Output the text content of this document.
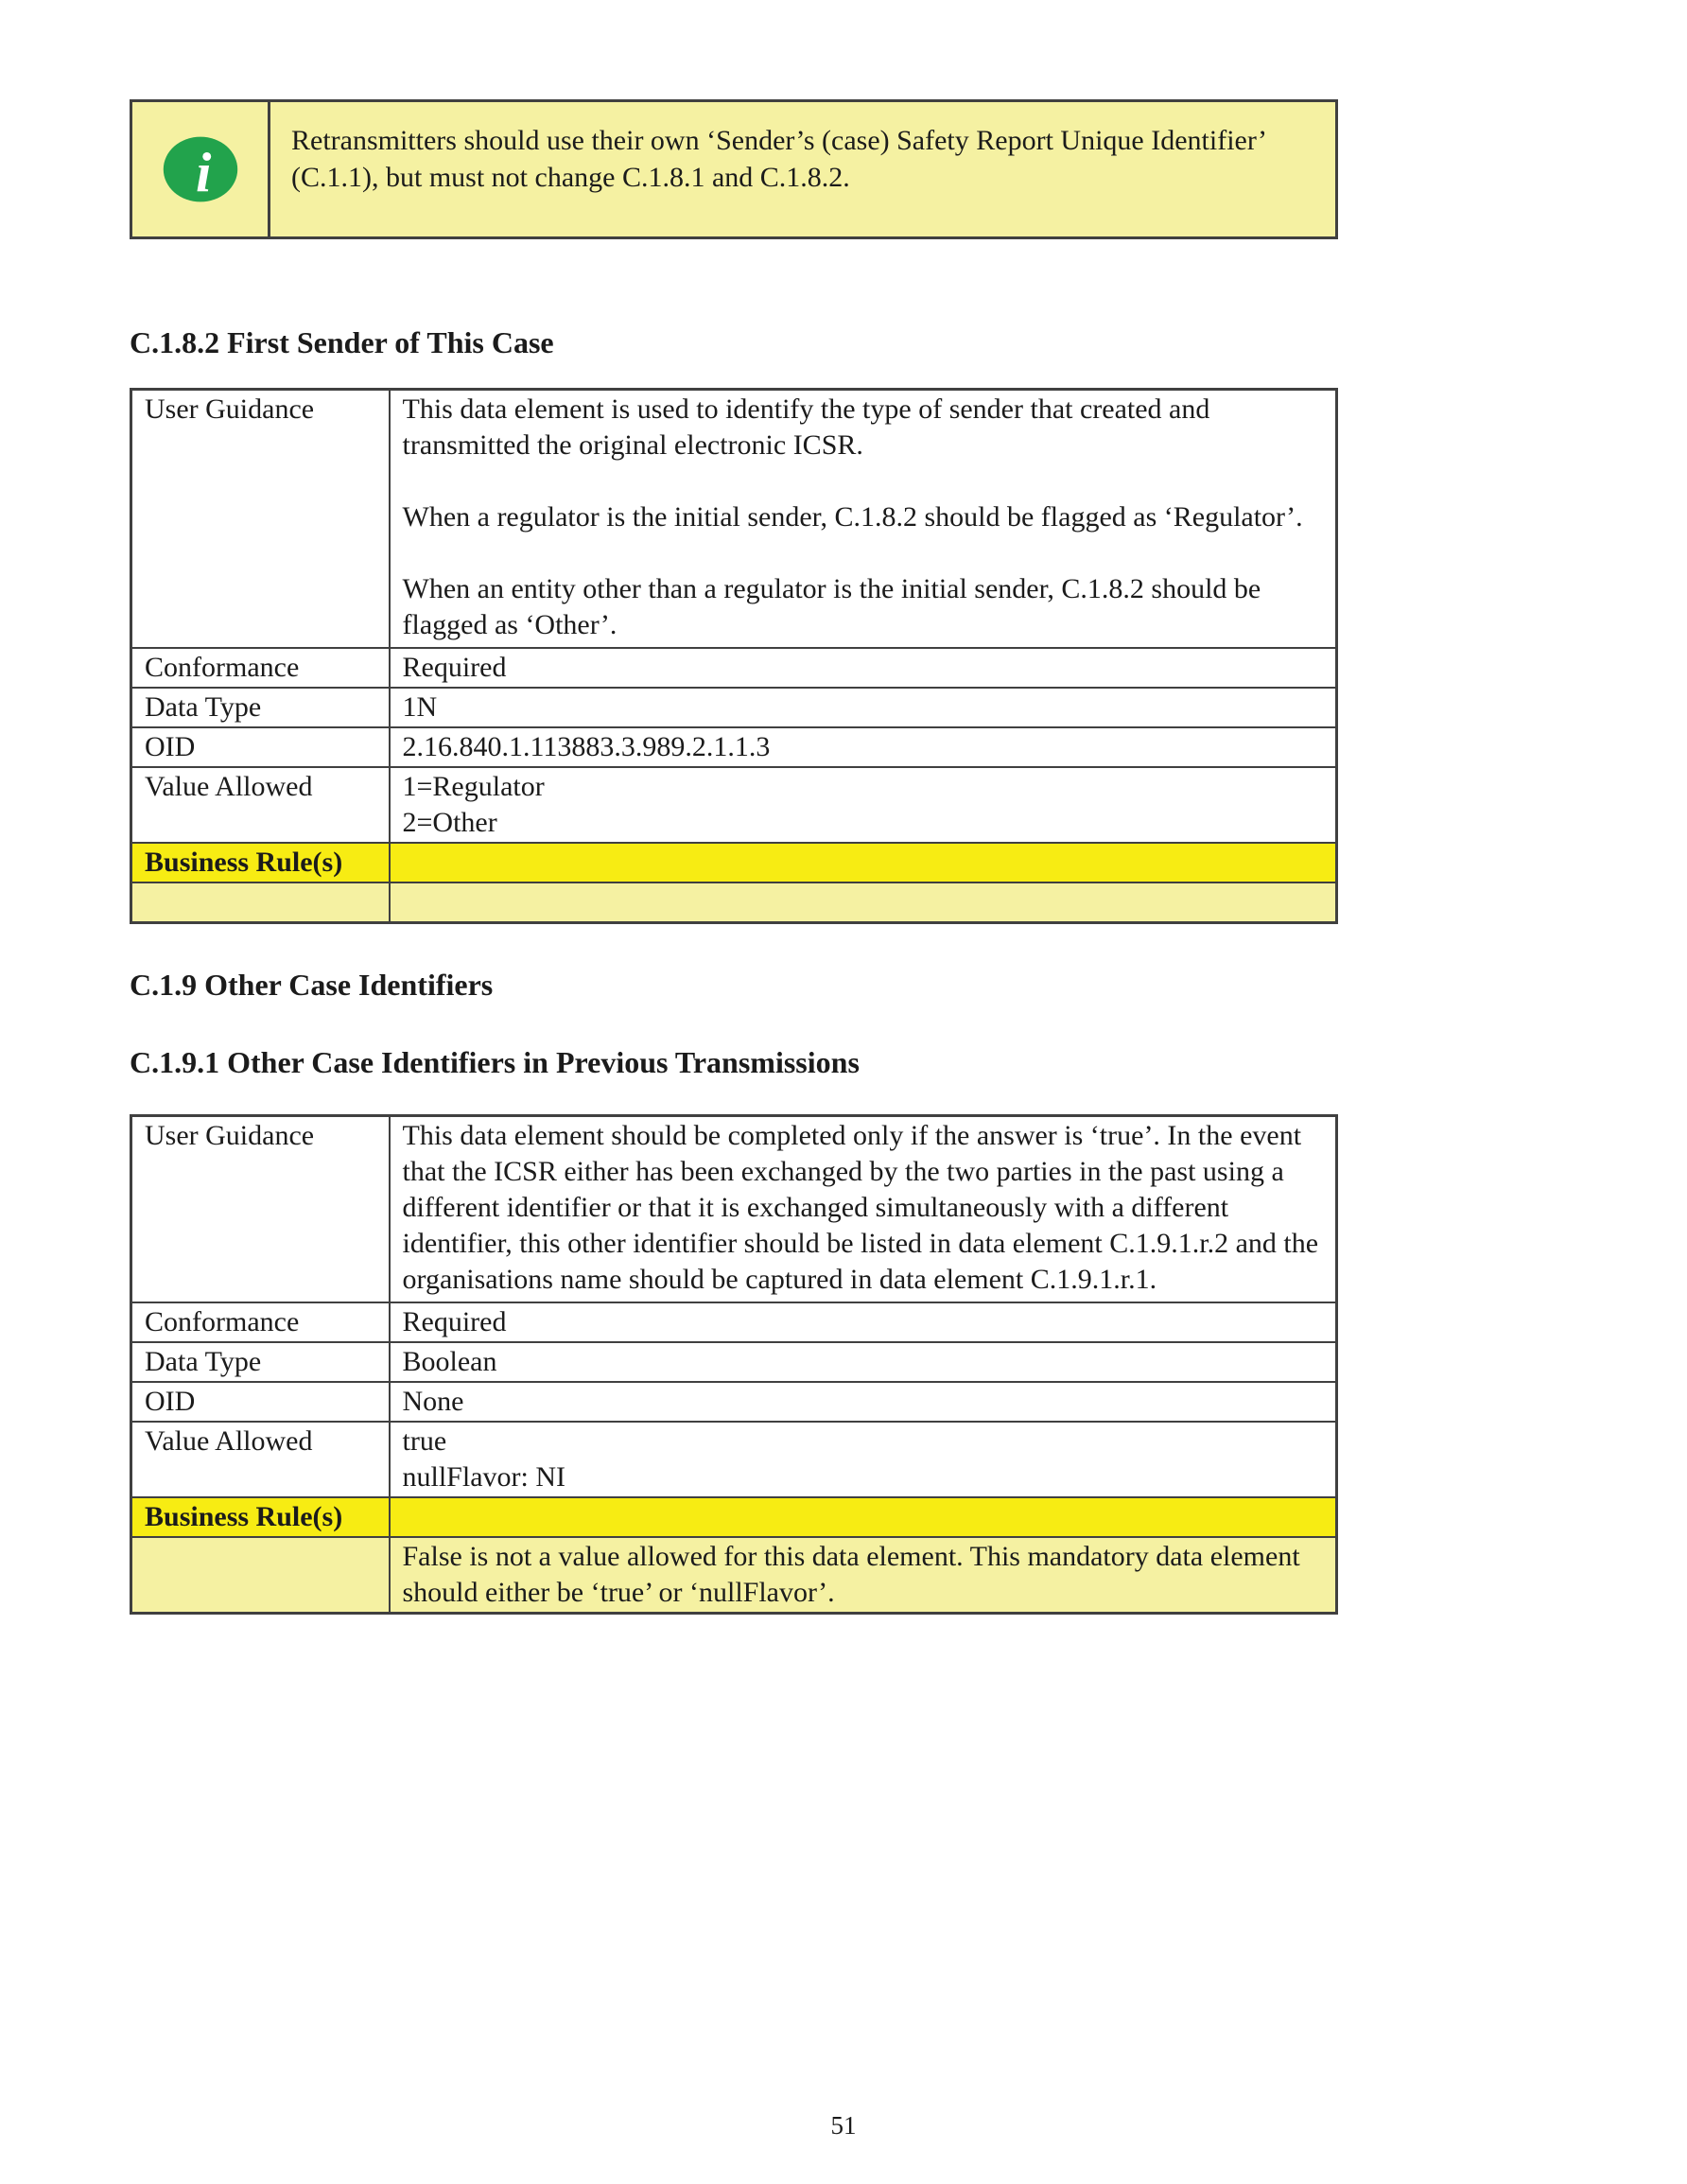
i
Retransmitters should use their own ‘Sender’s (case) Safety Report Unique Identifier’ (C.1.1), but must not change C.1.8.1 and C.1.8.2.
C.1.8.2 First Sender of This Case
User Guidance	This data element is used to identify the type of sender that created and transmitted the original electronic ICSR.

When a regulator is the initial sender, C.1.8.2 should be flagged as ‘Regulator’.

When an entity other than a regulator is the initial sender, C.1.8.2 should be flagged as ‘Other’.

Conformance	Required
Data Type	1N
OID	2.16.840.1.113883.3.989.2.1.1.3
Value Allowed	1=Regulator
2=Other

Business Rule(s)	

C.1.9 Other Case Identifiers
C.1.9.1 Other Case Identifiers in Previous Transmissions
User Guidance	This data element should be completed only if the answer is ‘true’. In the event that the ICSR either has been exchanged by the two parties in the past using a different identifier or that it is exchanged simultaneously with a different identifier, this other identifier should be listed in data element C.1.9.1.r.2 and the organisations name should be captured in data element C.1.9.1.r.1.

Conformance	Required
Data Type	Boolean
OID	None
Value Allowed	true
nullFlavor: NI

Business Rule(s)	

	False is not a value allowed for this data element. This mandatory data element should either be ‘true’ or ‘nullFlavor’.
51
